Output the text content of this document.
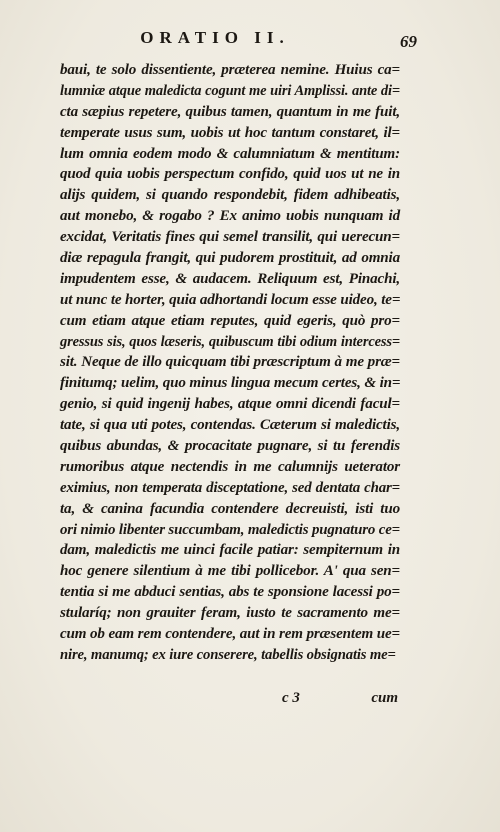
ORATIO II.	69
baui, te solo dissentiente, præterea nemine. Huius ca=
lumniæ atque maledicta cogunt me uiri Amplissi. ante di=
cta sæpius repetere, quibus tamen, quantum in me fuit,
temperate usus sum, uobis ut hoc tantum constaret, il=
lum omnia eodem modo & calumniatum & mentitum:
quod quia uobis perspectum confido, quid uos ut ne in
alijs quidem, si quando respondebit, fidem adhibeatis,
aut monebo, & rogabo ? Ex animo uobis nunquam id
excidat, Veritatis fines qui semel transilit, qui uerecun=
diæ repagula frangit, qui pudorem prostituit, ad omnia
impudentem esse, & audacem. Reliquum est, Pinachi,
ut nunc te horter, quia adhortandi locum esse uideo, te=
cum etiam atque etiam reputes, quid egeris, quò pro=
gressus sis, quos læseris, quibuscum tibi odium intercess=
sit. Neque de illo quicquam tibi præscriptum à me præ=
finitumq; uelim, quo minus lingua mecum certes, & in=
genio, si quid ingenij habes, atque omni dicendi facul=
tate, si qua uti potes, contendas. Cæterum si maledictis,
quibus abundas, & procacitate pugnare, si tu ferendis
rumoribus atque nectendis in me calumnijs ueterator
eximius, non temperata disceptatione, sed dentata char=
ta, & canina facundia contendere decreuisti, isti tuo
ori nimio libenter succumbam, maledictis pugnaturo ce=
dam, maledictis me uinci facile patiar: sempiternum in
hoc genere silentium à me tibi pollicebor. A' qua sen=
tentia si me abduci sentias, abs te sponsione lacessi po=
stularíq; non grauiter feram, iusto te sacramento me=
cum ob eam rem contendere, aut in rem præsentem ue=
nire, manumq; ex iure conserere, tabellis obsignatis me=
c 3	cum
